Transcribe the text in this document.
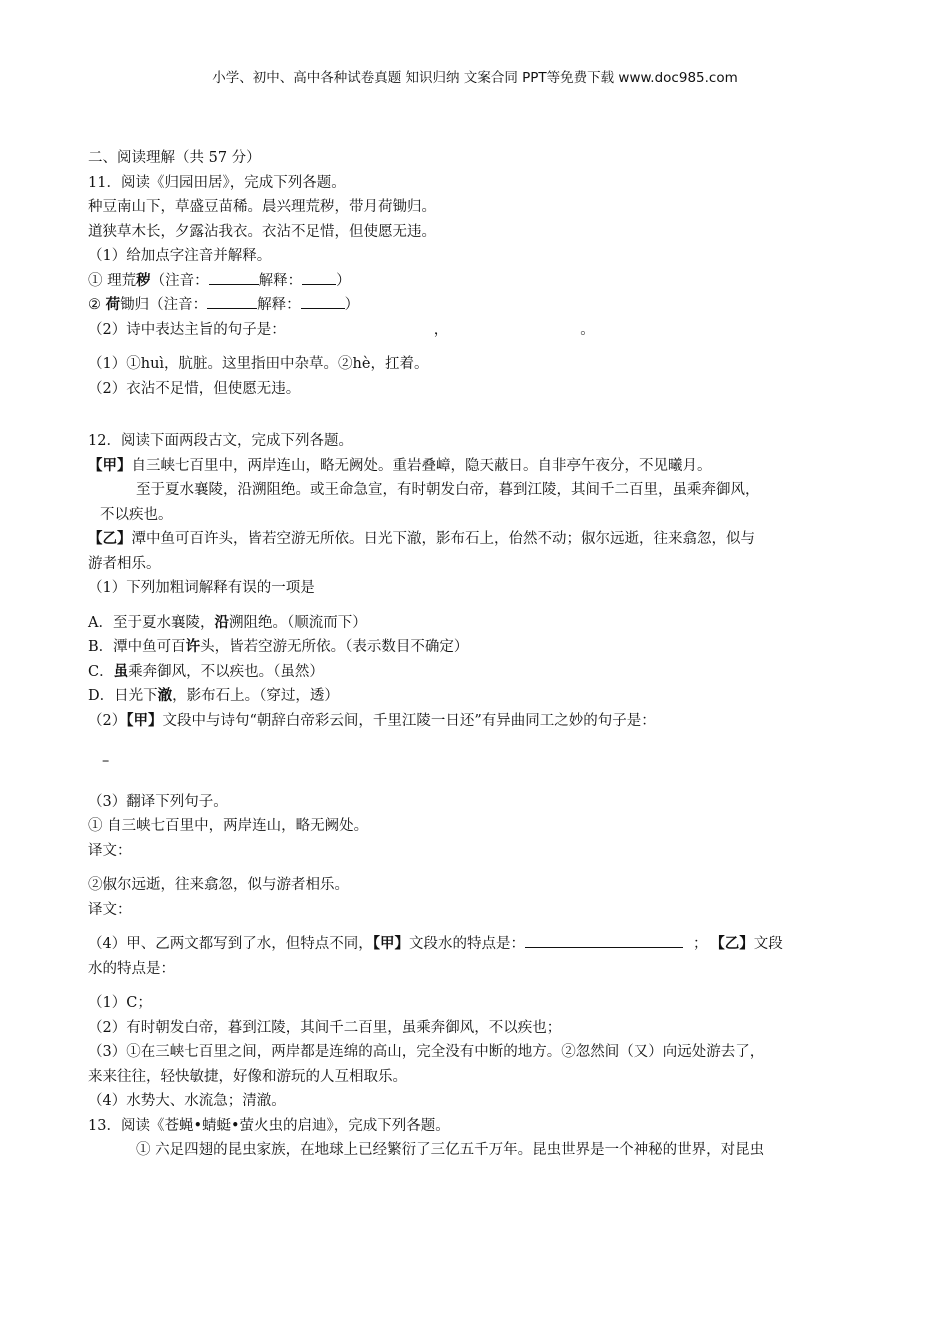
小学、初中、高中各种试卷真题 知识归纳 文案合同 PPT等免费下载 www.doc985.com
二、阅读理解（共 57 分）
11．阅读《归园田居》，完成下列各题。
种豆南山下，草盛豆苗稀。晨兴理荒秽，带月荷锄归。
道狭草木长，夕露沾我衣。衣沾不足惜，但使愿无违。
（1）给加点字注音并解释。
① 理荒秽（注音：	解释： ）
② 荷锄归（注音：	解释：	）
（2）诗中表达主旨的句子是：	，	。
（1）①huì，肮脏。这里指田中杂草。②hè，扛着。
（2）衣沾不足惜，但使愿无违。
12．阅读下面两段古文，完成下列各题。
【甲】自三峡七百里中，两岸连山，略无阙处。重岩叠嶂，隐天蔽日。自非亭午夜分，不见曦月。
至于夏水襄陵，沿溯阻绝。或王命急宣，有时朝发白帝，暮到江陵，其间千二百里，虽乘奔御风，
不以疾也。
【乙】潭中鱼可百许头，皆若空游无所依。日光下澈，影布石上，佁然不动；俶尔远逝，往来翕忽，似与
游者相乐。
（1）下列加粗词解释有误的一项是
A．至于夏水襄陵，沿溯阻绝。（顺流而下）
B．潭中鱼可百许头，皆若空游无所依。（表示数目不确定）
C．虽乘奔御风，不以疾也。（虽然）
D．日光下澈，影布石上。（穿过，透）
（2）【甲】文段中与诗句“朝辞白帝彩云间，千里江陵一日还”有异曲同工之妙的句子是：
–
（3）翻译下列句子。
① 自三峡七百里中，两岸连山，略无阙处。
译文：
②俶尔远逝，往来翕忽，似与游者相乐。
译文：
（4）甲、乙两文都写到了水，但特点不同，【甲】文段水的特点是：	； 【乙】文段
水的特点是：
（1）C；
（2）有时朝发白帝，暮到江陵，其间千二百里，虽乘奔御风，不以疾也；
（3）①在三峡七百里之间，两岸都是连绵的高山，完全没有中断的地方。②忽然间（又）向远处游去了，
来来往往，轻快敏捷，好像和游玩的人互相取乐。
（4）水势大、水流急；清澈。
13．阅读《苍蝇•蜻蜓•萤火虫的启迪》，完成下列各题。
① 六足四翅的昆虫家族，在地球上已经繁衍了三亿五千万年。昆虫世界是一个神秘的世界，对昆虫
